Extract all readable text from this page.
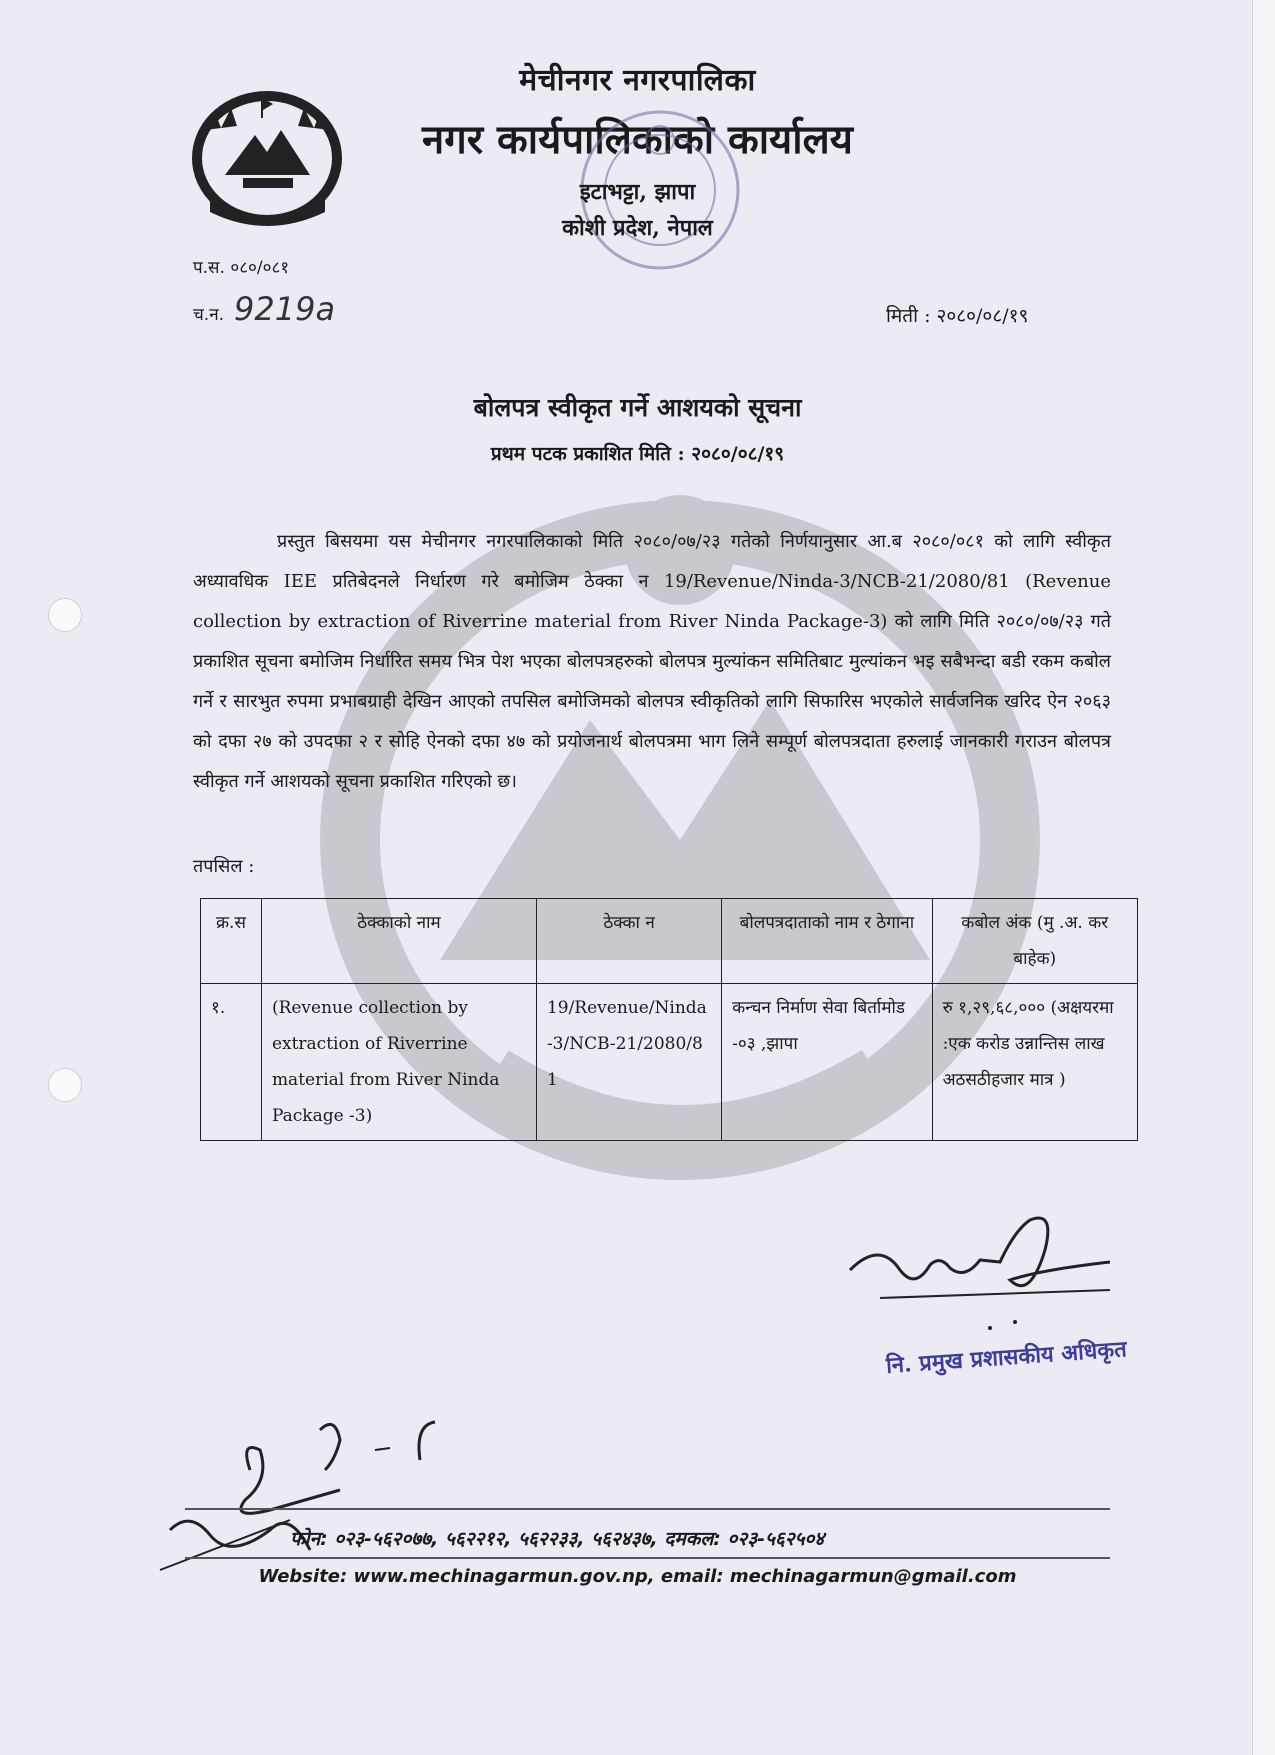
मेचीनगर नगरपालिका
नगर कार्यपालिकाको कार्यालय
इटाभट्टा, झापा
कोशी प्रदेश, नेपाल
प.स. ०८०/०८१
च.न. 9219a	मिती : २०८०/०८/१९
बोलपत्र स्वीकृत गर्ने आशयको सूचना
प्रथम पटक प्रकाशित मिति : २०८०/०८/१९
प्रस्तुत बिसयमा यस मेचीनगर नगरपालिकाको मिति २०८०/०७/२३ गतेको निर्णयानुसार आ.ब २०८०/०८१ को लागि स्वीकृत अध्यावधिक IEE प्रतिबेदनले निर्धारण गरे बमोजिम ठेक्का न 19/Revenue/Ninda-3/NCB-21/2080/81 (Revenue collection by extraction of Riverrine material from River Ninda Package-3) को लागि मिति २०८०/०७/२३ गते प्रकाशित सूचना बमोजिम निर्धारित समय भित्र पेश भएका बोलपत्रहरुको बोलपत्र मुल्यांकन समितिबाट मुल्यांकन भइ सबैभन्दा बडी रकम कबोल गर्ने र सारभुत रुपमा प्रभाबग्राही देखिन आएको तपसिल बमोजिमको बोलपत्र स्वीकृतिको लागि सिफारिस भएकोले सार्वजनिक खरिद ऐन २०६३ को दफा २७ को उपदफा २ र सोहि ऐनको दफा ४७ को प्रयोजनार्थ बोलपत्रमा भाग लिने सम्पूर्ण बोलपत्रदाता हरुलाई जानकारी गराउन बोलपत्र स्वीकृत गर्ने आशयको सूचना प्रकाशित गरिएको छ।
तपसिल :
क्र.स	ठेक्काको नाम	ठेक्का न	बोलपत्रदाताको नाम र ठेगाना	कबोल अंक (मु .अ. कर बाहेक)
१.	(Revenue collection by extraction of Riverrine material from River Ninda Package -3)	19/Revenue/Ninda-3/NCB-21/2080/81	कन्चन निर्माण सेवा बिर्तामोड -०३ ,झापा	रु १,२९,६८,००० (अक्षयरमा :एक करोड उन्नान्तिस लाख अठसठीहजार मात्र )
नि. प्रमुख प्रशासकीय अधिकृत
फोन: ०२३-५६२०७७, ५६२२१२, ५६२२३३, ५६२४३७, दमकल: ०२३-५६२५०४
Website: www.mechinagarmun.gov.np, email: mechinagarmun@gmail.com
